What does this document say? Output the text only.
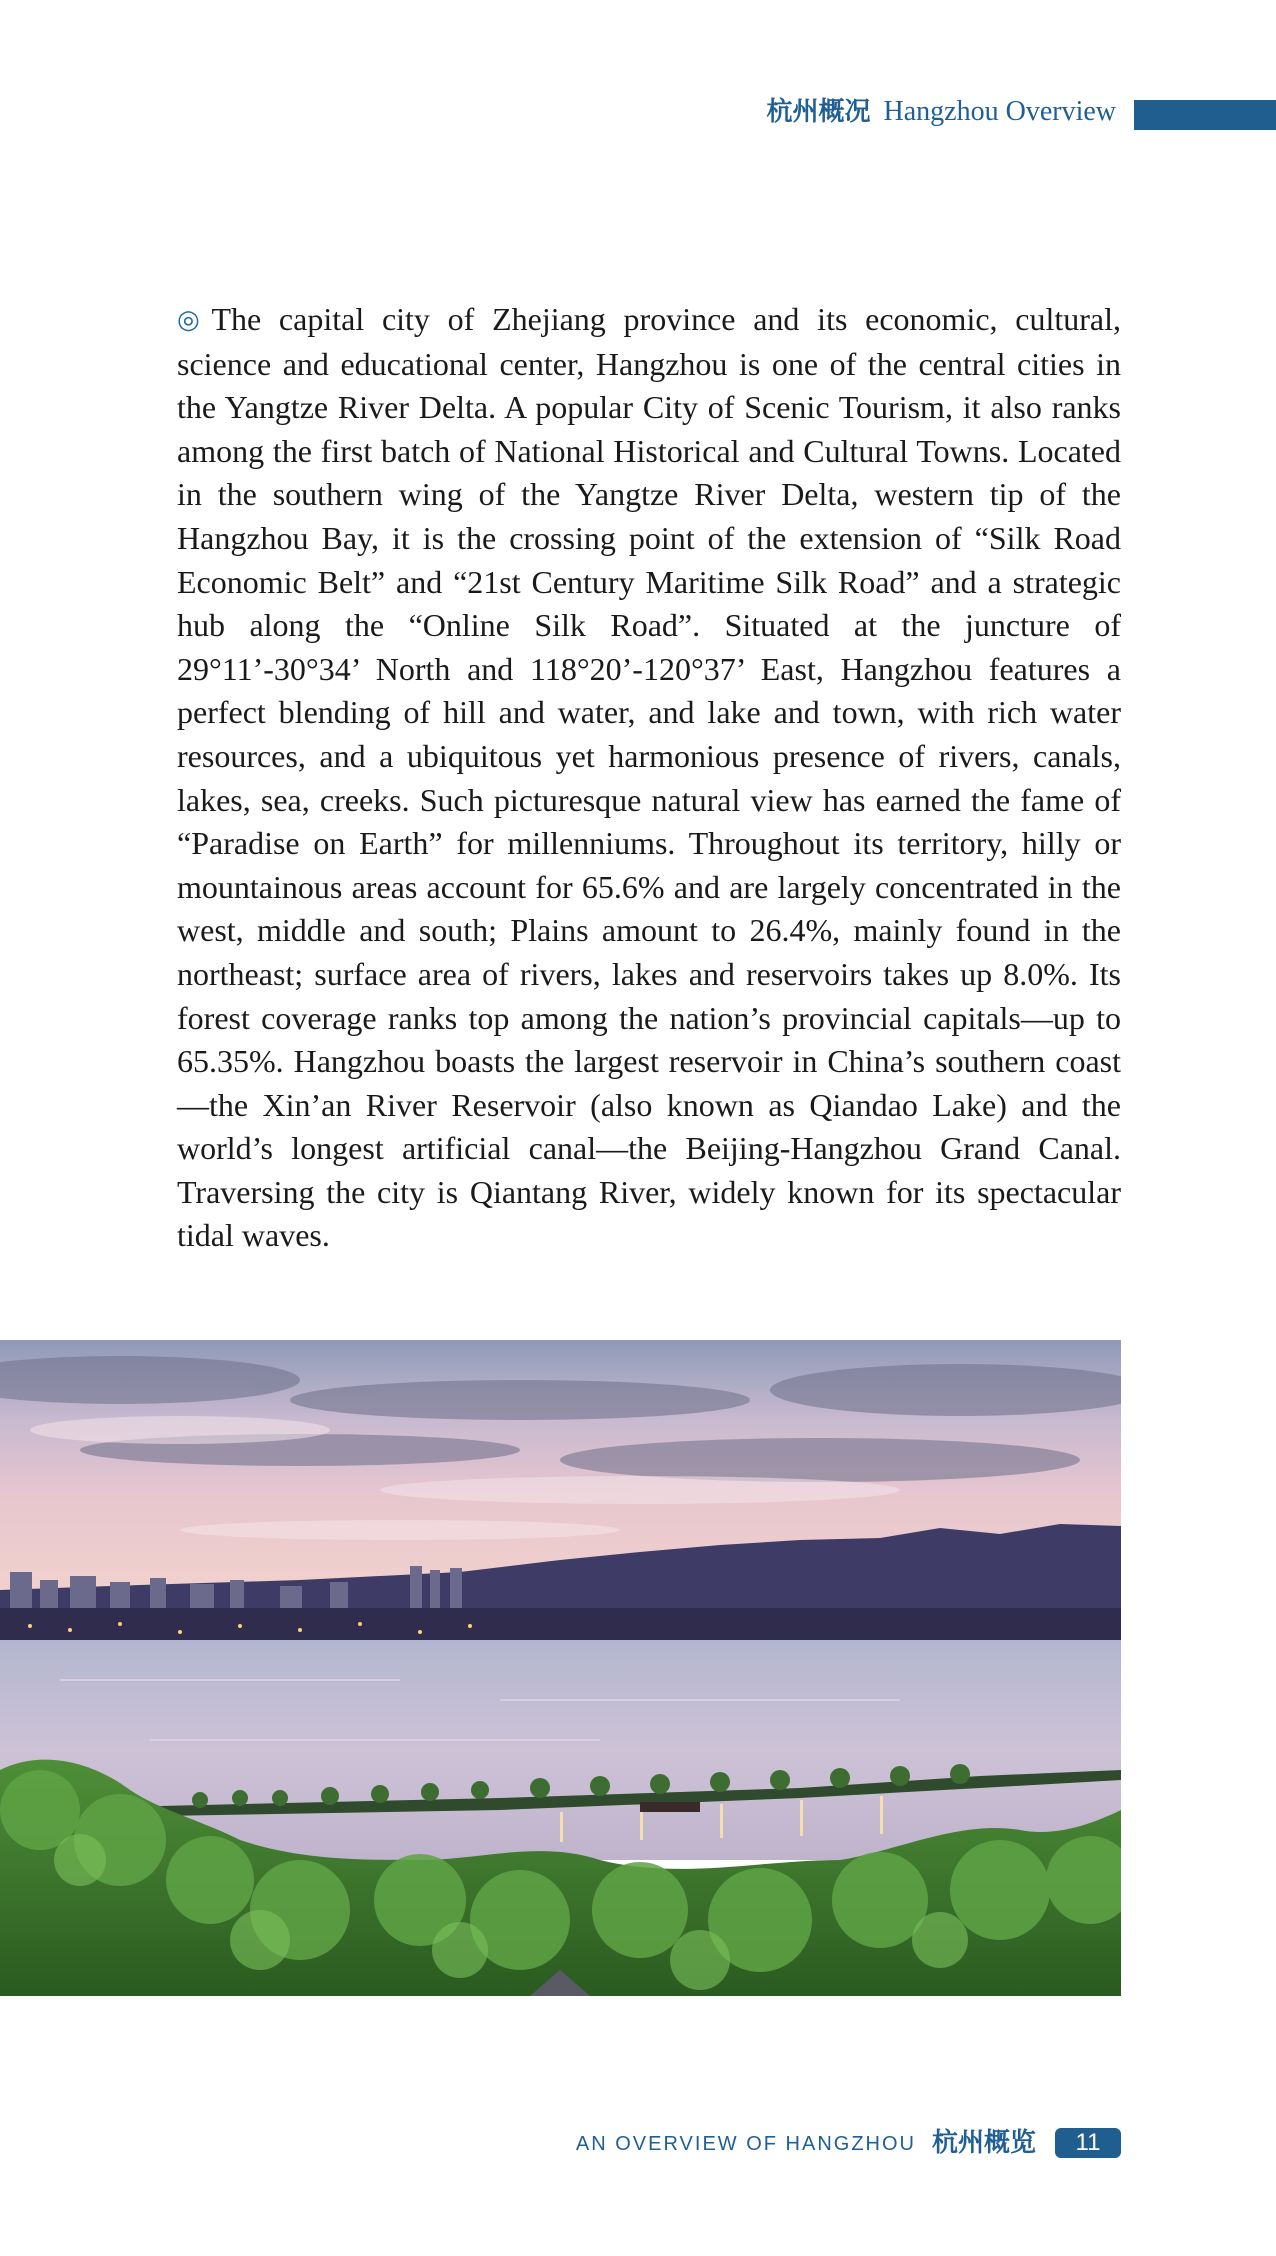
杭州概况 Hangzhou Overview

◎The capital city of Zhejiang province and its economic, cultural, science and educational center, Hangzhou is one of the central cities in the Yangtze River Delta. A popular City of Scenic Tourism, it also ranks among the first batch of National Historical and Cultural Towns. Located in the southern wing of the Yangtze River Delta, western tip of the Hangzhou Bay, it is the crossing point of the extension of “Silk Road Economic Belt” and “21st Century Maritime Silk Road” and a strategic hub along the “Online Silk Road”. Situated at the juncture of 29°11’-30°34’ North and 118°20’-120°37’ East, Hangzhou features a perfect blending of hill and water, and lake and town, with rich water resources, and a ubiquitous yet harmonious presence of rivers, canals, lakes, sea, creeks. Such picturesque natural view has earned the fame of “Paradise on Earth” for millenniums. Throughout its territory, hilly or mountainous areas account for 65.6% and are largely concentrated in the west, middle and south; Plains amount to 26.4%, mainly found in the northeast; surface area of rivers, lakes and reservoirs takes up 8.0%. Its forest coverage ranks top among the nation’s provincial capitals—up to 65.35%. Hangzhou boasts the largest reservoir in China’s southern coast—the Xin’an River Reservoir (also known as Qiandao Lake) and the world’s longest artificial canal—the Beijing-Hangzhou Grand Canal. Traversing the city is Qiantang River, widely known for its spectacular tidal waves.

AN OVERVIEW OF HANGZHOU 杭州概览	11
